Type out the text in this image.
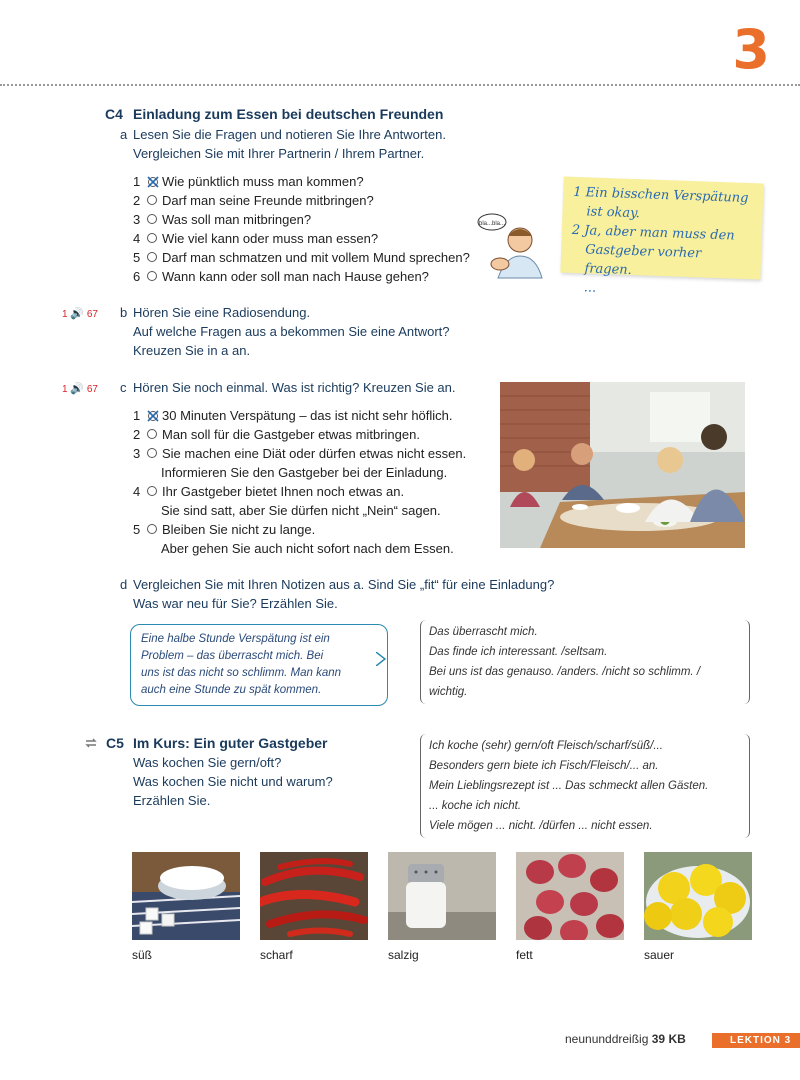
3
C4 Einladung zum Essen bei deutschen Freunden
a Lesen Sie die Fragen und notieren Sie Ihre Antworten.
Vergleichen Sie mit Ihrer Partnerin / Ihrem Partner.
1 Wie pünktlich muss man kommen?
2 Darf man seine Freunde mitbringen?
3 Was soll man mitbringen?
4 Wie viel kann oder muss man essen?
5 Darf man schmatzen und mit vollem Mund sprechen?
6 Wann kann oder soll man nach Hause gehen?
bla...bla...
1 Ein bisschen Verspätung
ist okay.
2 Ja, aber man muss den
Gastgeber vorher fragen.
...
1 🔊 67 b Hören Sie eine Radiosendung.
Auf welche Fragen aus a bekommen Sie eine Antwort?
Kreuzen Sie in a an.
1 🔊 67 c Hören Sie noch einmal. Was ist richtig? Kreuzen Sie an.
1 30 Minuten Verspätung – das ist nicht sehr höflich.
2 Man soll für die Gastgeber etwas mitbringen.
3 Sie machen eine Diät oder dürfen etwas nicht essen.
Informieren Sie den Gastgeber bei der Einladung.
4 Ihr Gastgeber bietet Ihnen noch etwas an.
Sie sind satt, aber Sie dürfen nicht „Nein“ sagen.
5 Bleiben Sie nicht zu lange.
Aber gehen Sie auch nicht sofort nach dem Essen.
d Vergleichen Sie mit Ihren Notizen aus a. Sind Sie „fit“ für eine Einladung?
Was war neu für Sie? Erzählen Sie.
Eine halbe Stunde Verspätung ist ein
Problem – das überrascht mich. Bei
uns ist das nicht so schlimm. Man kann
auch eine Stunde zu spät kommen.
Das überrascht mich.
Das finde ich interessant. /seltsam.
Bei uns ist das genauso. /anders. /nicht so schlimm. /
wichtig.
C5 Im Kurs: Ein guter Gastgeber
Was kochen Sie gern/oft?
Was kochen Sie nicht und warum?
Erzählen Sie.
Ich koche (sehr) gern/oft Fleisch/scharf/süß/...
Besonders gern biete ich Fisch/Fleisch/... an.
Mein Lieblingsrezept ist ... Das schmeckt allen Gästen.
... koche ich nicht.
Viele mögen ... nicht. /dürfen ... nicht essen.
süß	scharf	salzig	fett	sauer
neununddreißig 39 KB	LEKTION 3
